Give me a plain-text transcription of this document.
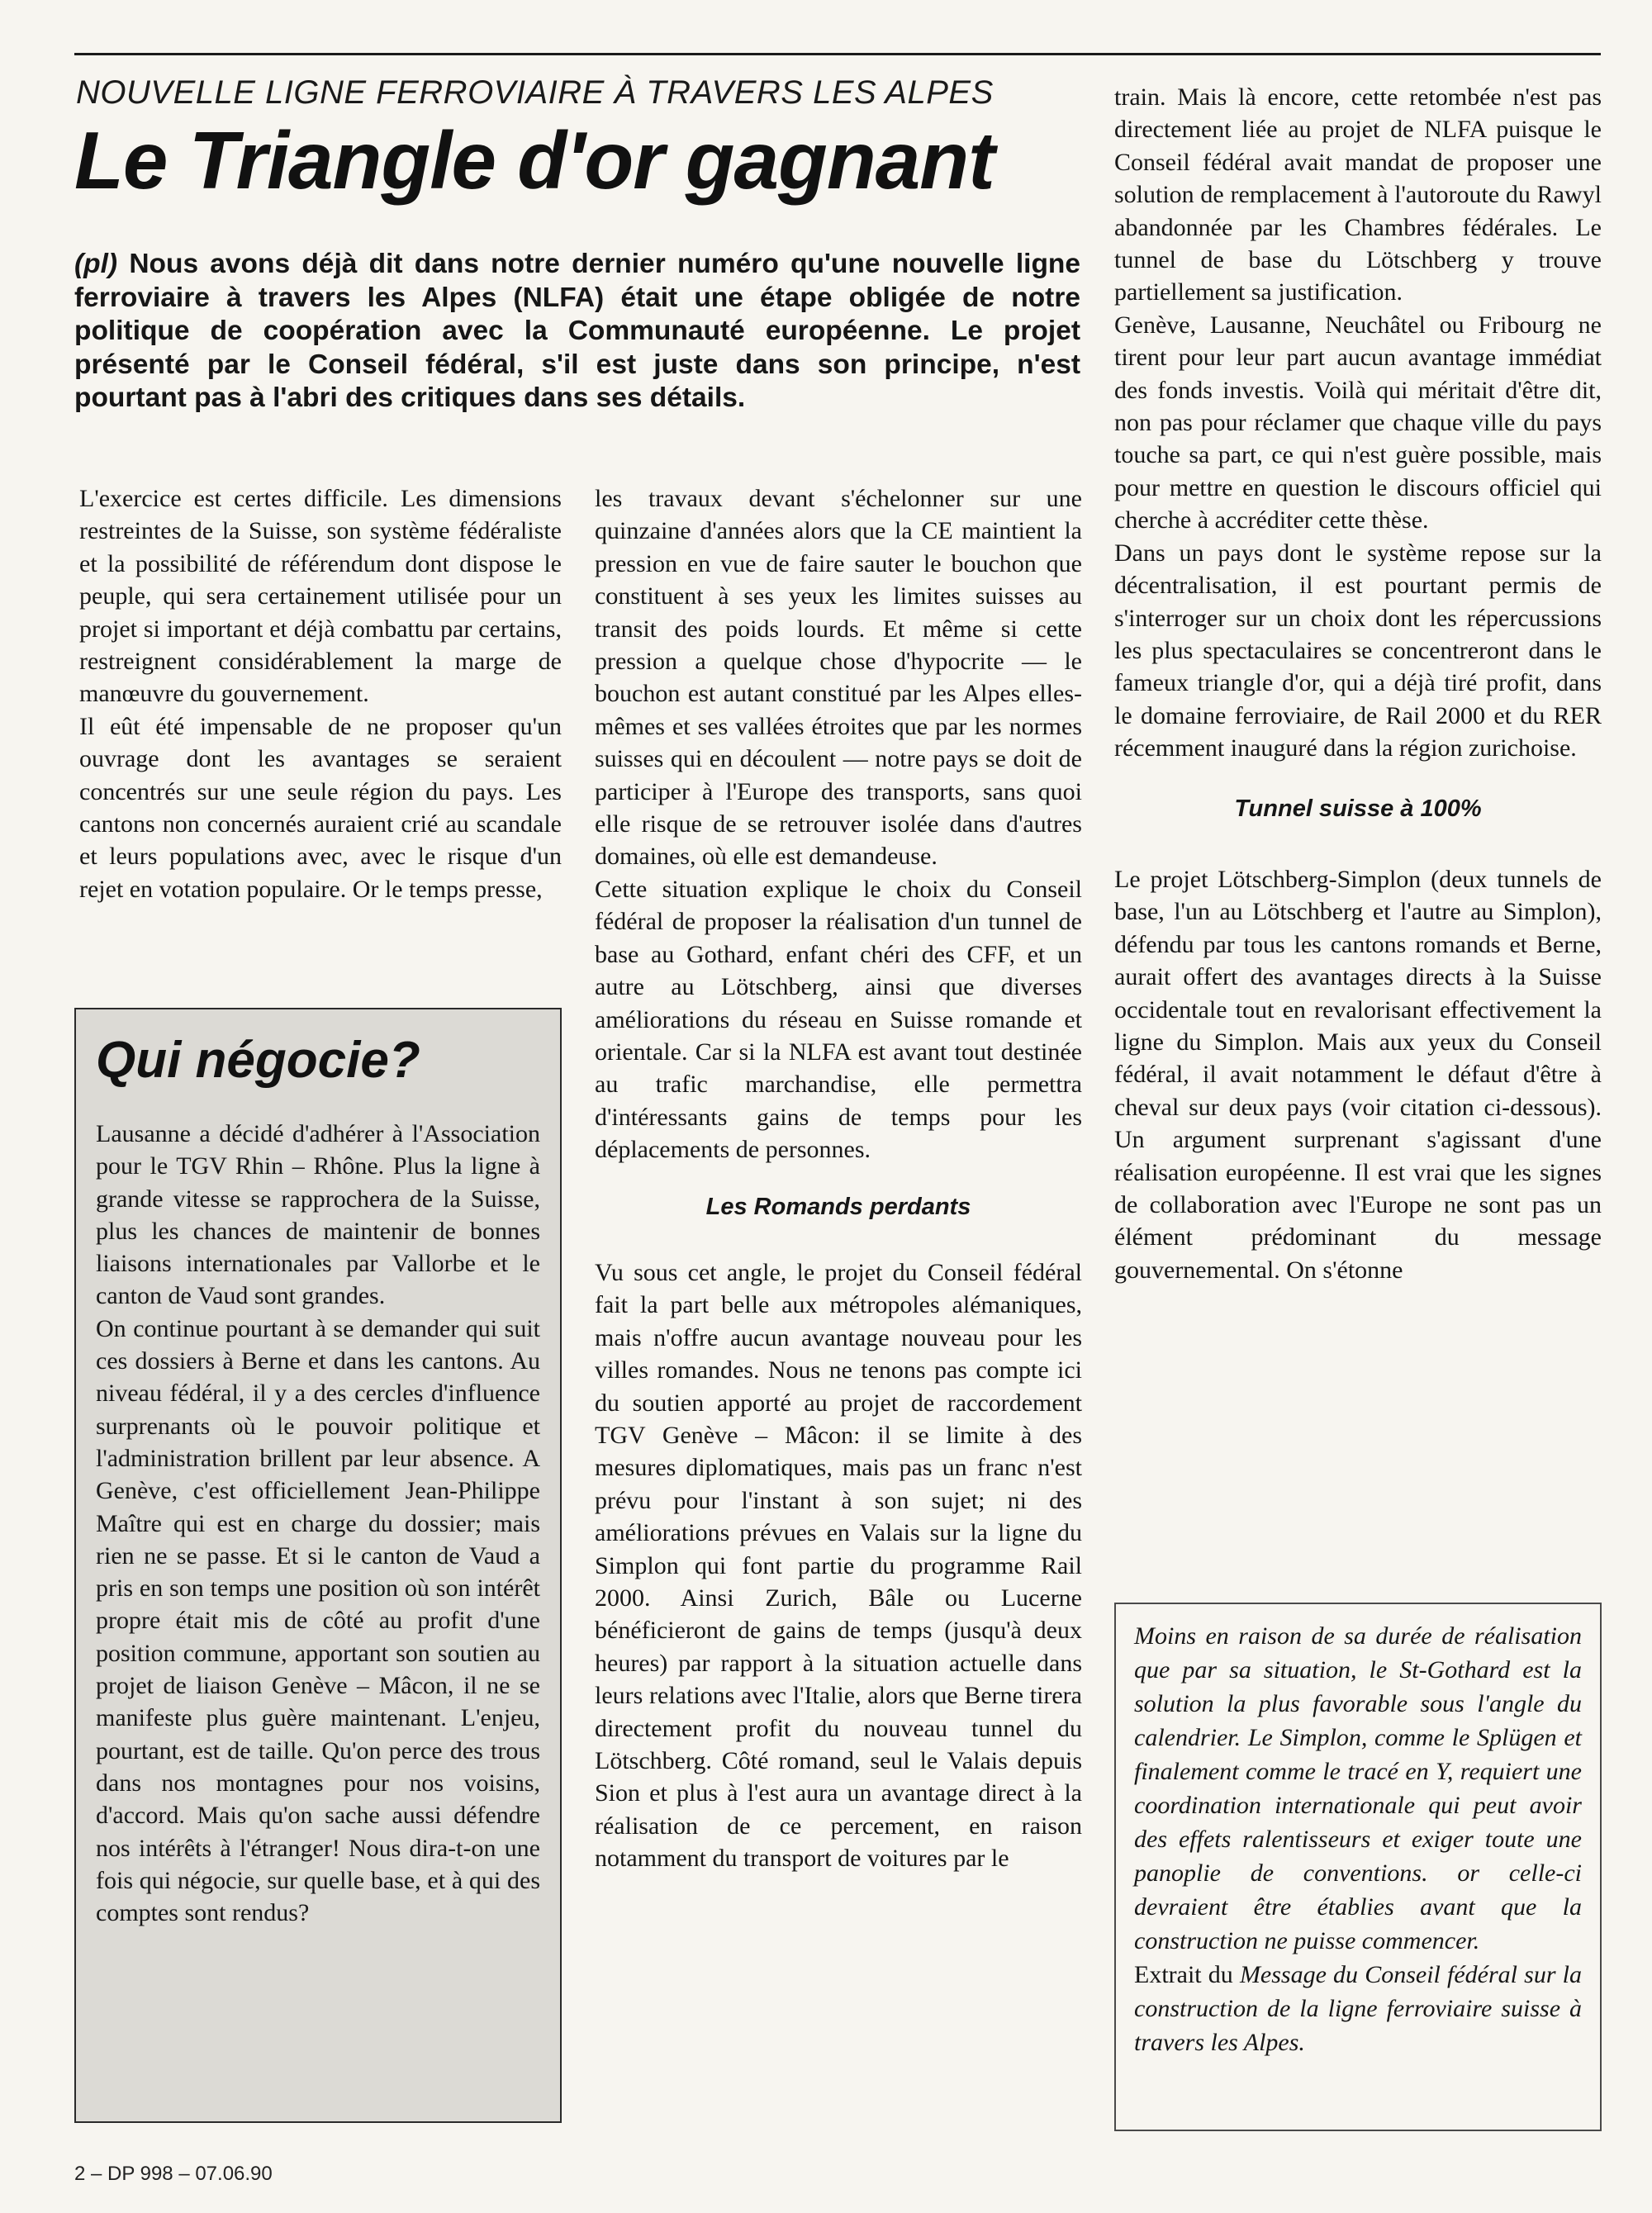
NOUVELLE LIGNE FERROVIAIRE À TRAVERS LES ALPES
Le Triangle d'or gagnant
(pl) Nous avons déjà dit dans notre dernier numéro qu'une nouvelle ligne ferroviaire à travers les Alpes (NLFA) était une étape obligée de notre politique de coopération avec la Communauté européenne. Le projet présenté par le Conseil fédéral, s'il est juste dans son principe, n'est pourtant pas à l'abri des critiques dans ses détails.

L'exercice est certes difficile. Les dimensions restreintes de la Suisse, son système fédéraliste et la possibilité de référendum dont dispose le peuple, qui sera certainement utilisée pour un projet si important et déjà combattu par certains, restreignent considérablement la marge de manœuvre du gouvernement.

Il eût été impensable de ne proposer qu'un ouvrage dont les avantages se seraient concentrés sur une seule région du pays. Les cantons non concernés auraient crié au scandale et leurs populations avec, avec le risque d'un rejet en votation populaire. Or le temps presse,

Qui négocie?

Lausanne a décidé d'adhérer à l'Association pour le TGV Rhin – Rhône. Plus la ligne à grande vitesse se rapprochera de la Suisse, plus les chances de maintenir de bonnes liaisons internationales par Vallorbe et le canton de Vaud sont grandes.

On continue pourtant à se demander qui suit ces dossiers à Berne et dans les cantons. Au niveau fédéral, il y a des cercles d'influence surprenants où le pouvoir politique et l'administration brillent par leur absence. A Genève, c'est officiellement Jean-Philippe Maître qui est en charge du dossier; mais rien ne se passe. Et si le canton de Vaud a pris en son temps une position où son intérêt propre était mis de côté au profit d'une position commune, apportant son soutien au projet de liaison Genève – Mâcon, il ne se manifeste plus guère maintenant. L'enjeu, pourtant, est de taille. Qu'on perce des trous dans nos montagnes pour nos voisins, d'accord. Mais qu'on sache aussi défendre nos intérêts à l'étranger! Nous dira-t-on une fois qui négocie, sur quelle base, et à qui des comptes sont rendus?

les travaux devant s'échelonner sur une quinzaine d'années alors que la CE maintient la pression en vue de faire sauter le bouchon que constituent à ses yeux les limites suisses au transit des poids lourds. Et même si cette pression a quelque chose d'hypocrite — le bouchon est autant constitué par les Alpes elles-mêmes et ses vallées étroites que par les normes suisses qui en découlent — notre pays se doit de participer à l'Europe des transports, sans quoi elle risque de se retrouver isolée dans d'autres domaines, où elle est demandeuse.

Cette situation explique le choix du Conseil fédéral de proposer la réalisation d'un tunnel de base au Gothard, enfant chéri des CFF, et un autre au Lötschberg, ainsi que diverses améliorations du réseau en Suisse romande et orientale. Car si la NLFA est avant tout destinée au trafic marchandise, elle permettra d'intéressants gains de temps pour les déplacements de personnes.

Les Romands perdants

Vu sous cet angle, le projet du Conseil fédéral fait la part belle aux métropoles alémaniques, mais n'offre aucun avantage nouveau pour les villes romandes. Nous ne tenons pas compte ici du soutien apporté au projet de raccordement TGV Genève – Mâcon: il se limite à des mesures diplomatiques, mais pas un franc n'est prévu pour l'instant à son sujet; ni des améliorations prévues en Valais sur la ligne du Simplon qui font partie du programme Rail 2000. Ainsi Zurich, Bâle ou Lucerne bénéficieront de gains de temps (jusqu'à deux heures) par rapport à la situation actuelle dans leurs relations avec l'Italie, alors que Berne tirera directement profit du nouveau tunnel du Lötschberg. Côté romand, seul le Valais depuis Sion et plus à l'est aura un avantage direct à la réalisation de ce percement, en raison notamment du transport de voitures par le

train. Mais là encore, cette retombée n'est pas directement liée au projet de NLFA puisque le Conseil fédéral avait mandat de proposer une solution de remplacement à l'autoroute du Rawyl abandonnée par les Chambres fédérales. Le tunnel de base du Lötschberg y trouve partiellement sa justification.

Genève, Lausanne, Neuchâtel ou Fribourg ne tirent pour leur part aucun avantage immédiat des fonds investis. Voilà qui méritait d'être dit, non pas pour réclamer que chaque ville du pays touche sa part, ce qui n'est guère possible, mais pour mettre en question le discours officiel qui cherche à accréditer cette thèse.

Dans un pays dont le système repose sur la décentralisation, il est pourtant permis de s'interroger sur un choix dont les répercussions les plus spectaculaires se concentreront dans le fameux triangle d'or, qui a déjà tiré profit, dans le domaine ferroviaire, de Rail 2000 et du RER récemment inauguré dans la région zurichoise.

Tunnel suisse à 100%

Le projet Lötschberg-Simplon (deux tunnels de base, l'un au Lötschberg et l'autre au Simplon), défendu par tous les cantons romands et Berne, aurait offert des avantages directs à la Suisse occidentale tout en revalorisant effectivement la ligne du Simplon. Mais aux yeux du Conseil fédéral, il avait notamment le défaut d'être à cheval sur deux pays (voir citation ci-dessous). Un argument surprenant s'agissant d'une réalisation européenne. Il est vrai que les signes de collaboration avec l'Europe ne sont pas un élément prédominant du message gouvernemental. On s'étonne

Moins en raison de sa durée de réalisation que par sa situation, le St-Gothard est la solution la plus favorable sous l'angle du calendrier. Le Simplon, comme le Splügen et finalement comme le tracé en Y, requiert une coordination internationale qui peut avoir des effets ralentisseurs et exiger toute une panoplie de conventions. or celle-ci devraient être établies avant que la construction ne puisse commencer.

Extrait du Message du Conseil fédéral sur la construction de la ligne ferroviaire suisse à travers les Alpes.

2 – DP 998 – 07.06.90
